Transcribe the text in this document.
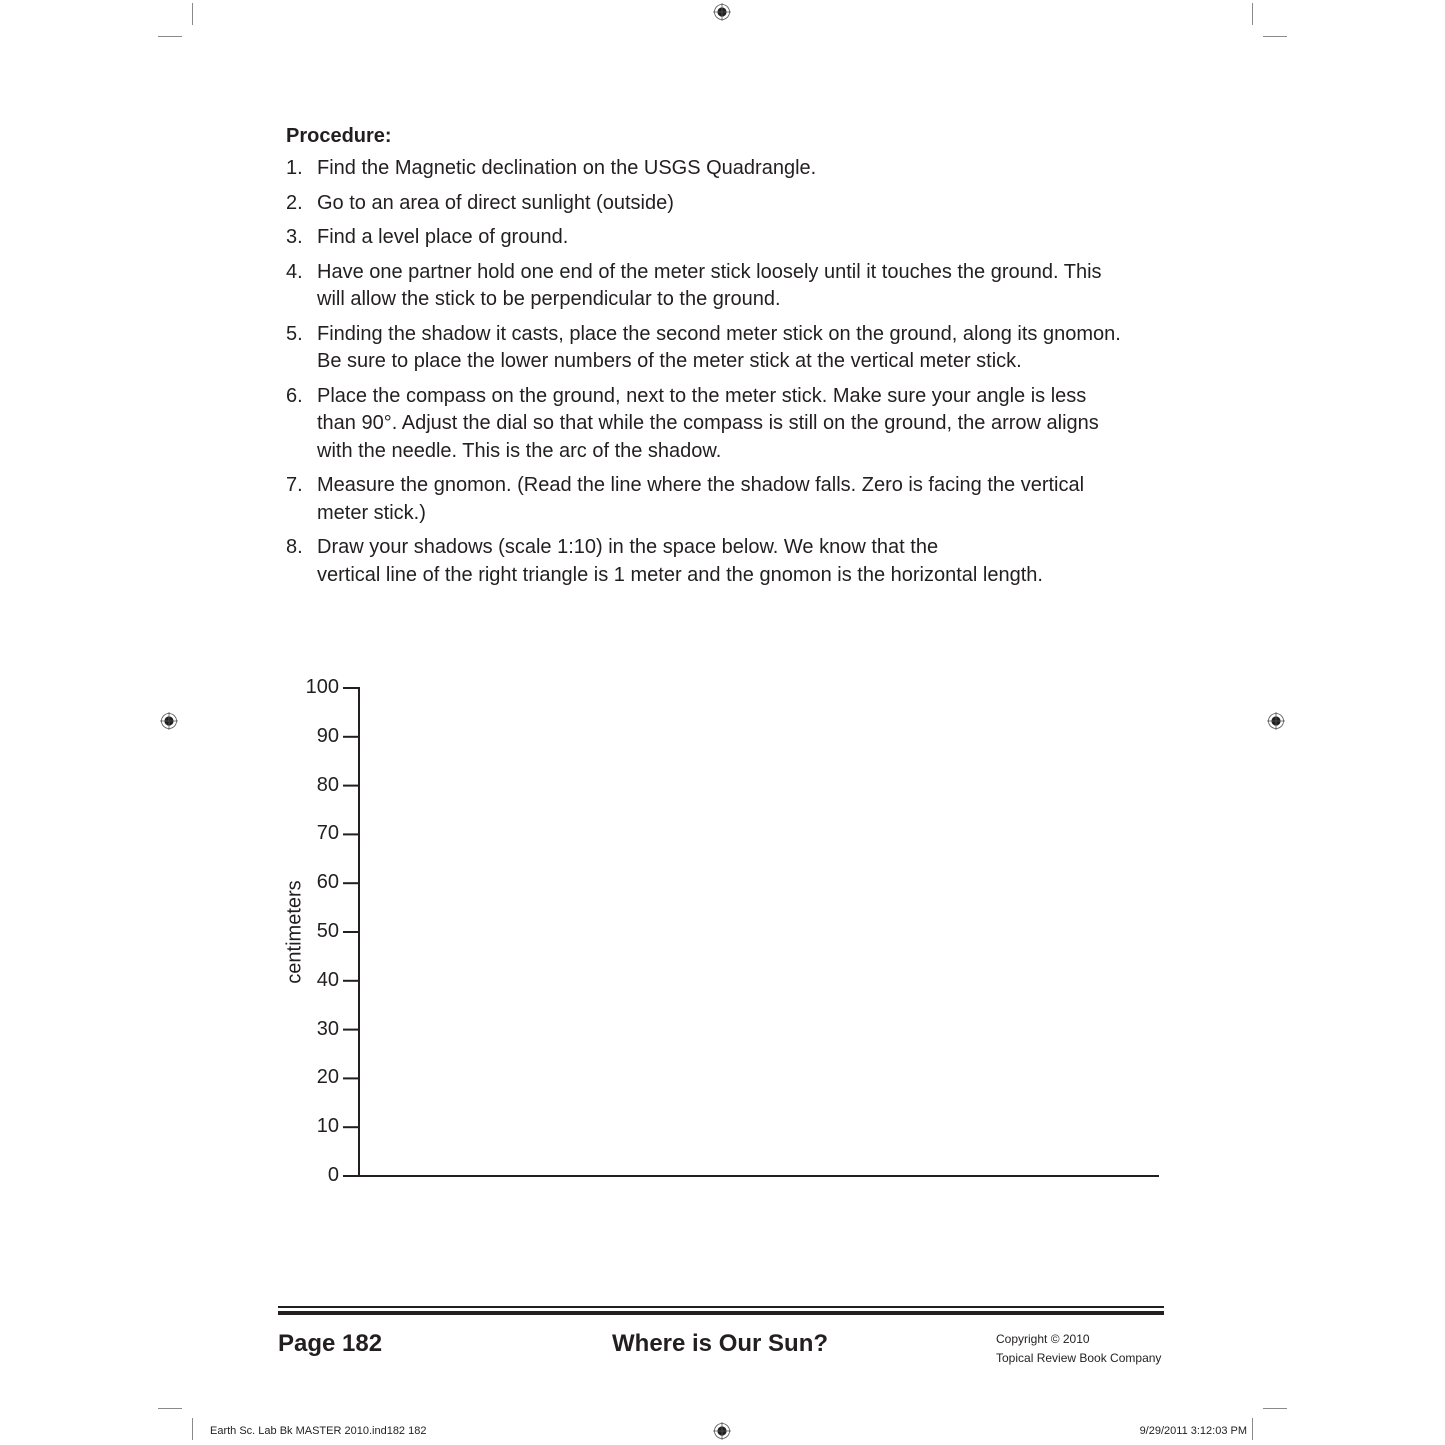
Procedure:
1. Find the Magnetic declination on the USGS Quadrangle.
2. Go to an area of direct sunlight (outside)
3. Find a level place of ground.
4. Have one partner hold one end of the meter stick loosely until it touches the ground. This
will allow the stick to be perpendicular to the ground.
5. Finding the shadow it casts, place the second meter stick on the ground, along its gnomon.
Be sure to place the lower numbers of the meter stick at the vertical meter stick.
6. Place the compass on the ground, next to the meter stick. Make sure your angle is less
than 90°. Adjust the dial so that while the compass is still on the ground, the arrow aligns
with the needle. This is the arc of the shadow.
7. Measure the gnomon. (Read the line where the shadow falls. Zero is facing the vertical
meter stick.)
8. Draw your shadows (scale 1:10) in the space below. We know that the
vertical line of the right triangle is 1 meter and the gnomon is the horizontal length.
centimeters
0
10
20
30
40
50
60
70
80
90
100
Page 182	Where is Our Sun?	Copyright © 2010
Topical Review Book Company
Earth Sc. Lab Bk MASTER 2010.ind182 182	9/29/2011 3:12:03 PM
